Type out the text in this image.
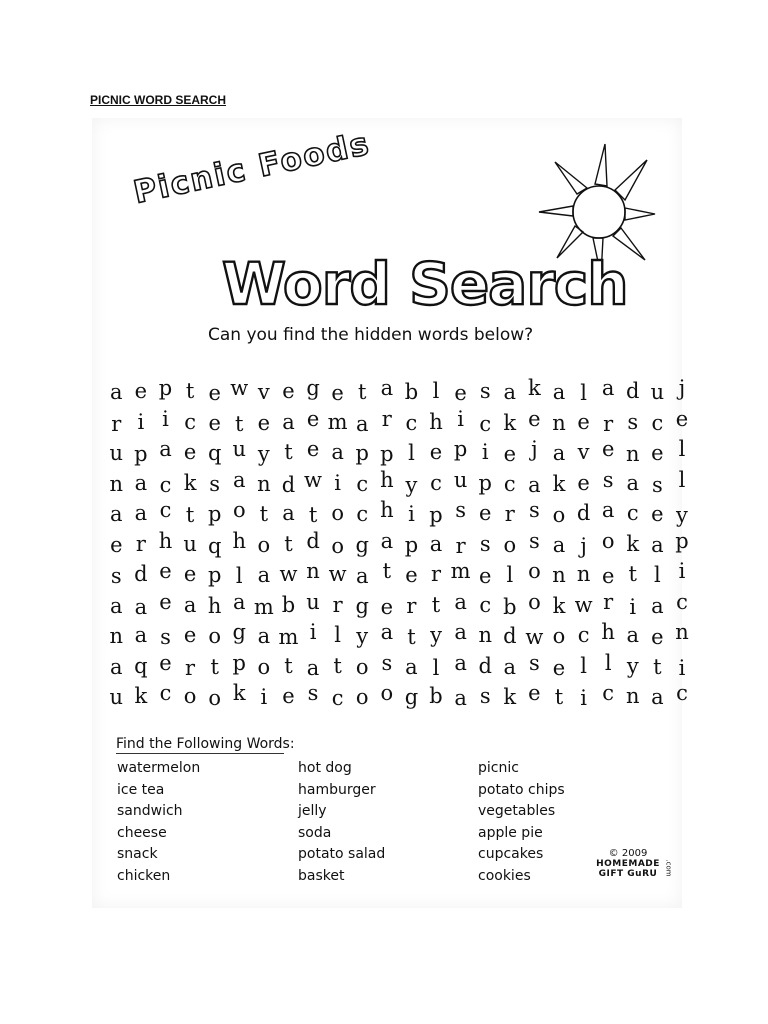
PICNIC WORD SEARCH
Picnic Foods
Word Search
Can you find the hidden words below?
a e p t e w v e g e t a b l e s a k a l a d u j
r i i c e t e a e m a r c h i c k e n e r s c e
u p a e q u y t e a p p l e p i e j a v e n e l
n a c k s a n d w i c h y c u p c a k e s a s l
a a c t p o t a t o c h i p s e r s o d a c e y
e r h u q h o t d o g a p a r s o s a j o k a p
s d e e p l a w n w a t e r m e l o n n e t l i
a a e a h a m b u r g e r t a c b o k w r i a c
n a s e o g a m i l y a t y a n d w o c h a e n
a q e r t p o t a t o s a l a d a s e l l y t i
u k c o o k i e s c o o g b a s k e t i c n a c
Find the Following Words:
watermelon
ice tea
sandwich
cheese
snack
chicken
hot dog
hamburger
jelly
soda
potato salad
basket
picnic
potato chips
vegetables
apple pie
cupcakes
cookies
© 2009
HOMEMADE
GIFT GuRU	.com
